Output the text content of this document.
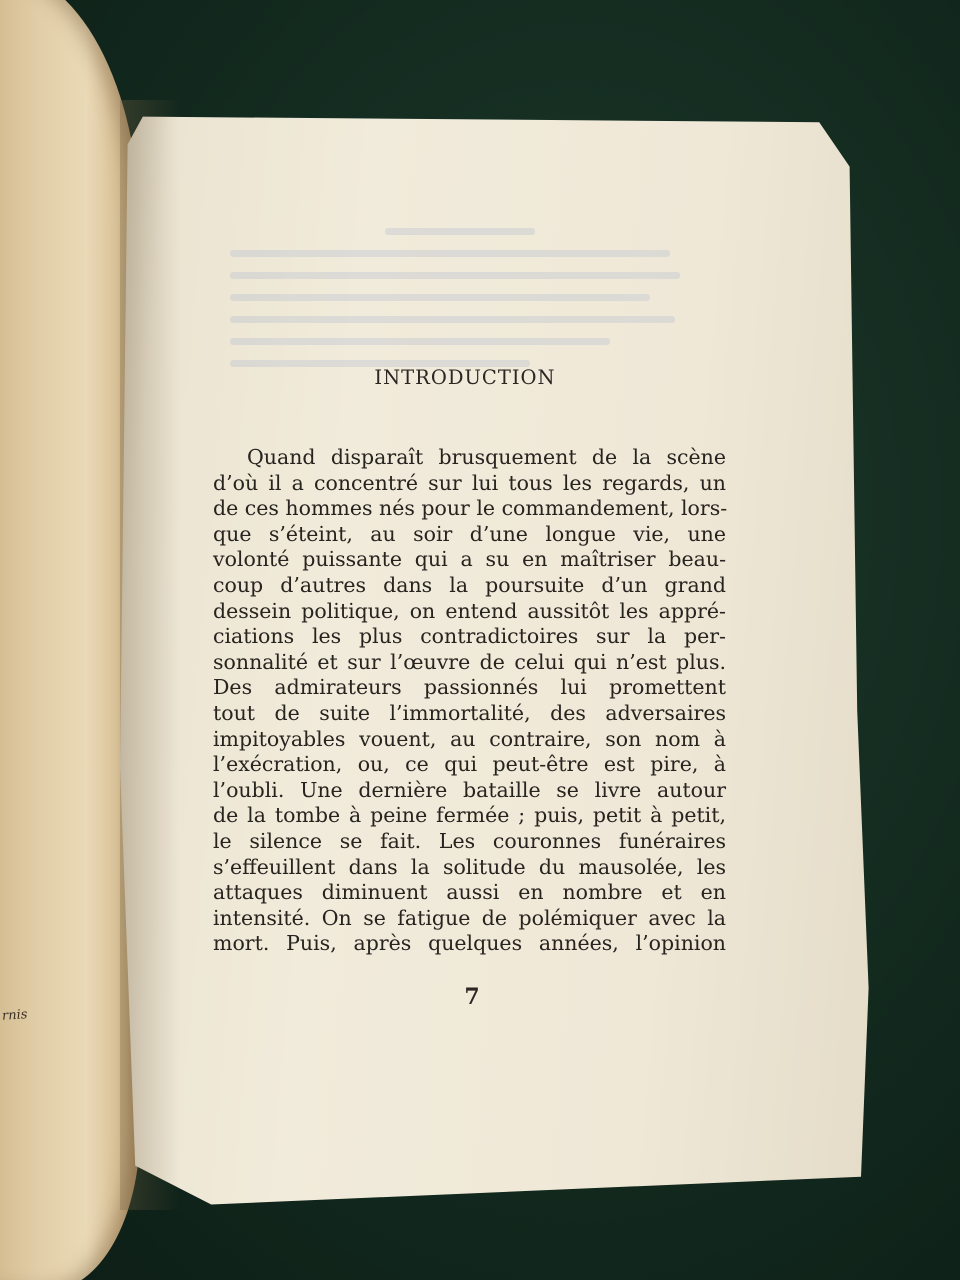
rnis
INTRODUCTION
Quand disparaît brusquement de la scène
d’où il a concentré sur lui tous les regards, un
de ces hommes nés pour le commandement, lors-
que s’éteint, au soir d’une longue vie, une
volonté puissante qui a su en maîtriser beau-
coup d’autres dans la poursuite d’un grand
dessein politique, on entend aussitôt les appré-
ciations les plus contradictoires sur la per-
sonnalité et sur l’œuvre de celui qui n’est plus.
Des admirateurs passionnés lui promettent
tout de suite l’immortalité, des adversaires
impitoyables vouent, au contraire, son nom à
l’exécration, ou, ce qui peut-être est pire, à
l’oubli. Une dernière bataille se livre autour
de la tombe à peine fermée ; puis, petit à petit,
le silence se fait. Les couronnes funéraires
s’effeuillent dans la solitude du mausolée, les
attaques diminuent aussi en nombre et en
intensité. On se fatigue de polémiquer avec la
mort. Puis, après quelques années, l’opinion
7
